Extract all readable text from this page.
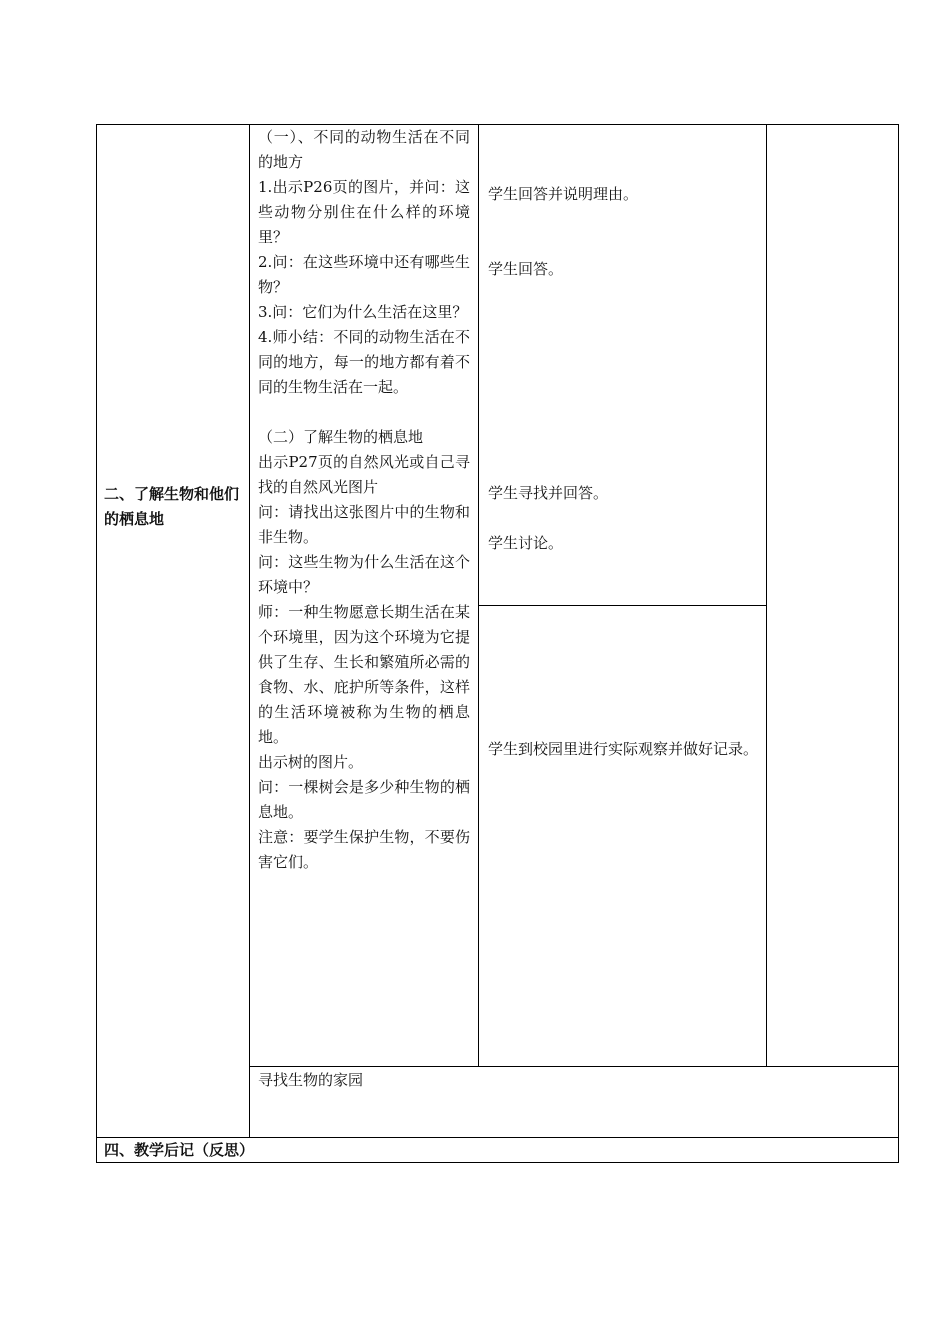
二、了解生物和他们的栖息地

（一）、不同的动物生活在不同的地方

1.出示P26页的图片，并问：这些动物分别住在什么样的环境里？

2.问：在这些环境中还有哪些生物？

3.问：它们为什么生活在这里？

4.师小结：不同的动物生活在不同的地方，每一的地方都有着不同的生物生活在一起。

（二）了解生物的栖息地

出示P27页的自然风光或自己寻找的自然风光图片

问：请找出这张图片中的生物和非生物。

问：这些生物为什么生活在这个环境中？

师：一种生物愿意长期生活在某个环境里，因为这个环境为它提供了生存、生长和繁殖所必需的食物、水、庇护所等条件，这样的生活环境被称为生物的栖息地。

出示树的图片。

问：一棵树会是多少种生物的栖息地。

注意：要学生保护生物，不要伤害它们。

学生回答并说明理由。
学生回答。
学生寻找并回答。
学生讨论。
学生到校园里进行实际观察并做好记录。
寻找生物的家园
四、教学后记（反思）
